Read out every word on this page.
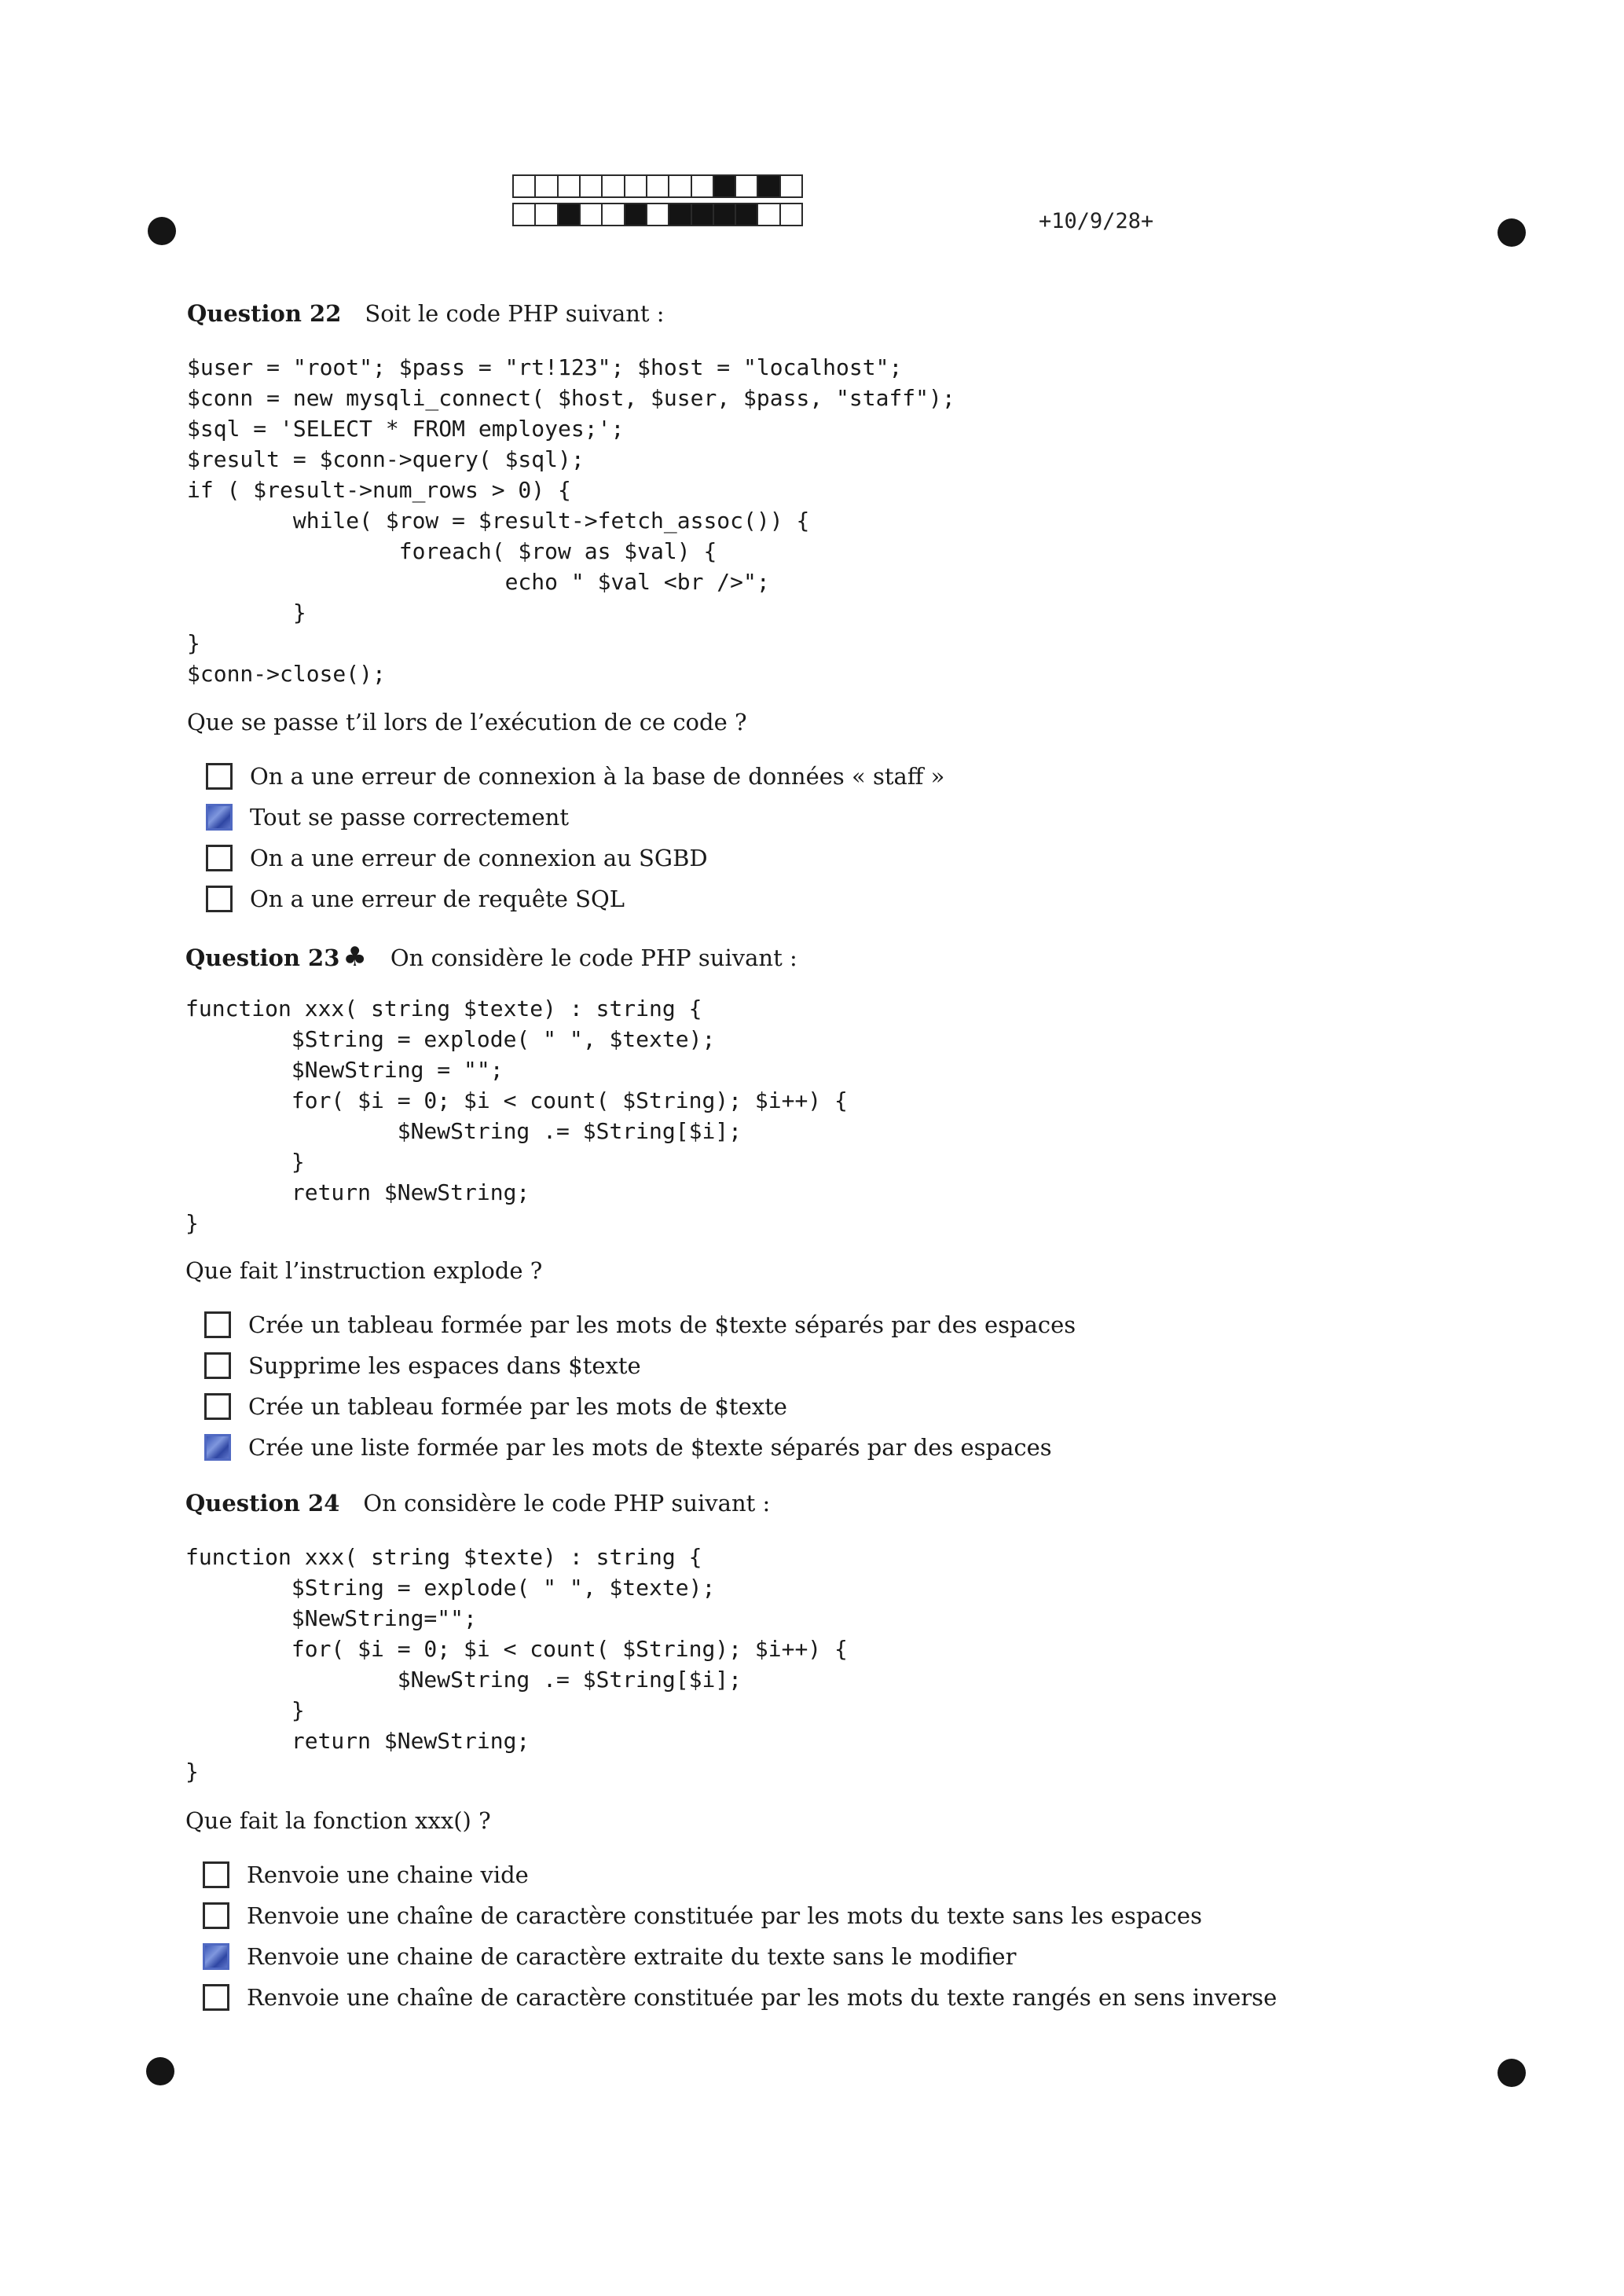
+10/9/28+
Question 22 Soit le code PHP suivant :
$user = "root"; $pass = "rt!123"; $host = "localhost";
$conn = new mysqli_connect( $host, $user, $pass, "staff");
$sql = 'SELECT * FROM employes;';
$result = $conn->query( $sql);
if ( $result->num_rows > 0) {
while( $row = $result->fetch_assoc()) {
foreach( $row as $val) {
echo " $val <br />";
}
}
$conn->close();
Que se passe t’il lors de l’exécution de ce code ?
On a une erreur de connexion à la base de données « staff »
Tout se passe correctement
On a une erreur de connexion au SGBD
On a une erreur de requête SQL
Question 23 ♣ On considère le code PHP suivant :
function xxx( string $texte) : string {
$String = explode( " ", $texte);
$NewString = "";
for( $i = 0; $i < count( $String); $i++) {
$NewString .= $String[$i];
}
return $NewString;
}
Que fait l’instruction explode ?
Crée un tableau formée par les mots de $texte séparés par des espaces
Supprime les espaces dans $texte
Crée un tableau formée par les mots de $texte
Crée une liste formée par les mots de $texte séparés par des espaces
Question 24 On considère le code PHP suivant :
function xxx( string $texte) : string {
$String = explode( " ", $texte);
$NewString="";
for( $i = 0; $i < count( $String); $i++) {
$NewString .= $String[$i];
}
return $NewString;
}
Que fait la fonction xxx() ?
Renvoie une chaine vide
Renvoie une chaîne de caractère constituée par les mots du texte sans les espaces
Renvoie une chaine de caractère extraite du texte sans le modifier
Renvoie une chaîne de caractère constituée par les mots du texte rangés en sens inverse
